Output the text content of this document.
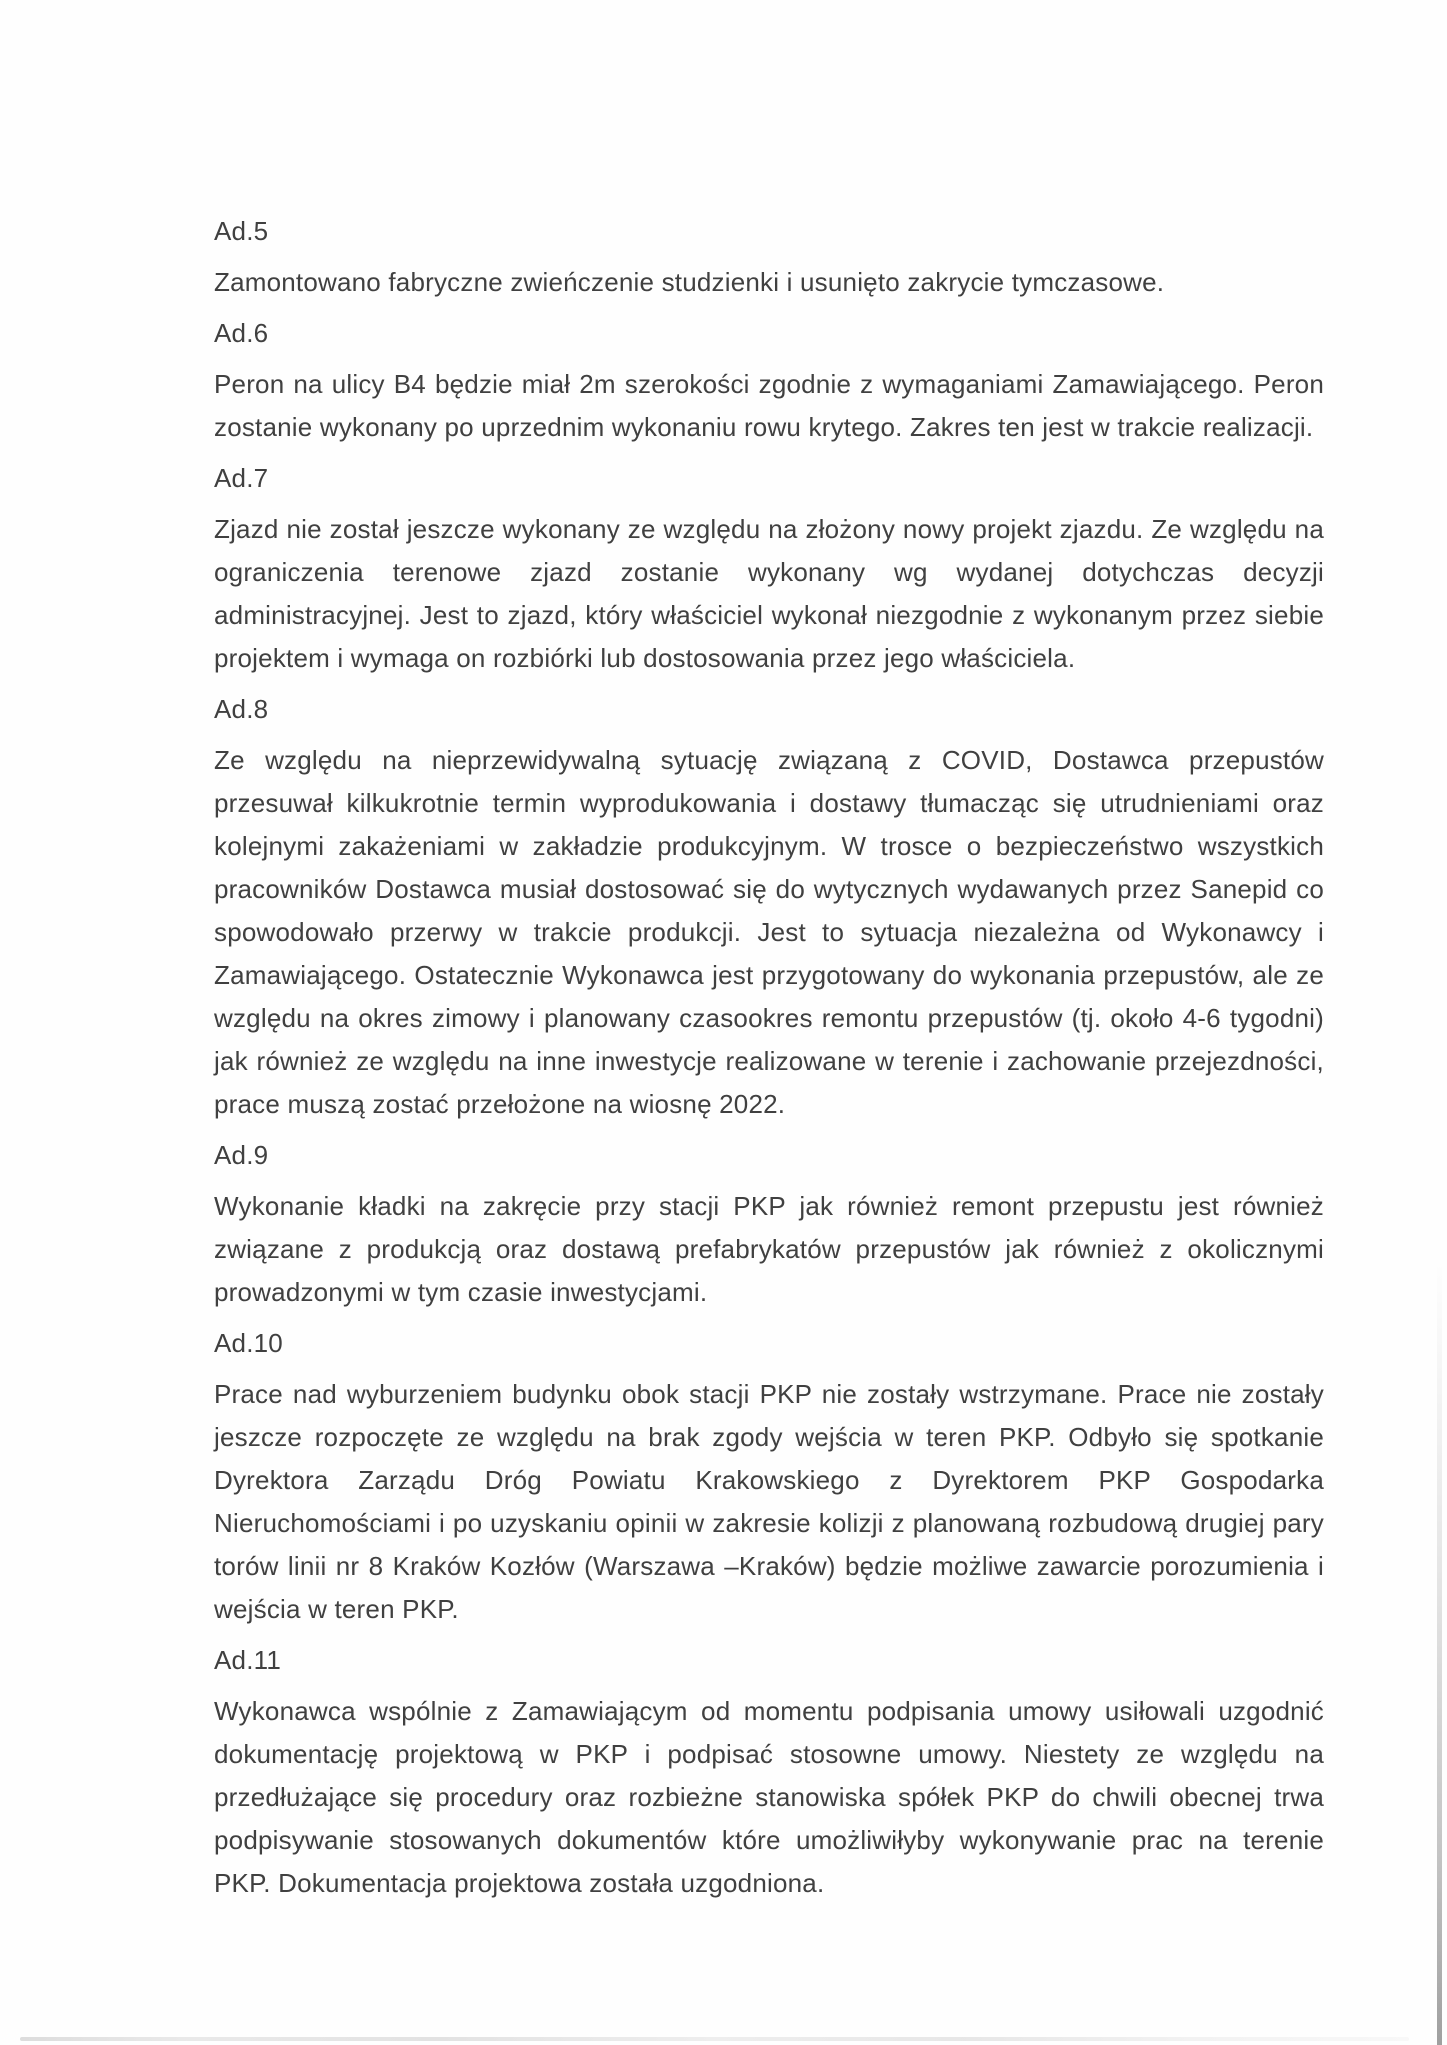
Ad.5

Zamontowano fabryczne zwieńczenie studzienki i usunięto zakrycie tymczasowe.

Ad.6

Peron na ulicy B4 będzie miał 2m szerokości zgodnie z wymaganiami Zamawiającego. Peron zostanie wykonany po uprzednim wykonaniu rowu krytego. Zakres ten jest w trakcie realizacji.

Ad.7

Zjazd nie został jeszcze wykonany ze względu na złożony nowy projekt zjazdu. Ze względu na ograniczenia terenowe zjazd zostanie wykonany wg wydanej dotychczas decyzji administracyjnej. Jest to zjazd, który właściciel wykonał niezgodnie z wykonanym przez siebie projektem i wymaga on rozbiórki lub dostosowania przez jego właściciela.

Ad.8

Ze względu na nieprzewidywalną sytuację związaną z COVID, Dostawca przepustów przesuwał kilkukrotnie termin wyprodukowania i dostawy tłumacząc się utrudnieniami oraz kolejnymi zakażeniami w zakładzie produkcyjnym. W trosce o bezpieczeństwo wszystkich pracowników Dostawca musiał dostosować się do wytycznych wydawanych przez Sanepid co spowodowało przerwy w trakcie produkcji. Jest to sytuacja niezależna od Wykonawcy i Zamawiającego. Ostatecznie Wykonawca jest przygotowany do wykonania przepustów, ale ze względu na okres zimowy i planowany czasookres remontu przepustów (tj. około 4-6 tygodni) jak również ze względu na inne inwestycje realizowane w terenie i zachowanie przejezdności, prace muszą zostać przełożone na wiosnę 2022.

Ad.9

Wykonanie kładki na zakręcie przy stacji PKP jak również remont przepustu jest również związane z produkcją oraz dostawą prefabrykatów przepustów jak również z okolicznymi prowadzonymi w tym czasie inwestycjami.

Ad.10

Prace nad wyburzeniem budynku obok stacji PKP nie zostały wstrzymane. Prace nie zostały jeszcze rozpoczęte ze względu na brak zgody wejścia w teren PKP. Odbyło się spotkanie Dyrektora Zarządu Dróg Powiatu Krakowskiego z Dyrektorem PKP Gospodarka Nieruchomościami i po uzyskaniu opinii w zakresie kolizji z planowaną rozbudową drugiej pary torów linii nr 8 Kraków Kozłów (Warszawa –Kraków) będzie możliwe zawarcie porozumienia i wejścia w teren PKP.

Ad.11

Wykonawca wspólnie z Zamawiającym od momentu podpisania umowy usiłowali uzgodnić dokumentację projektową w PKP i podpisać stosowne umowy. Niestety ze względu na przedłużające się procedury oraz rozbieżne stanowiska spółek PKP do chwili obecnej trwa podpisywanie stosowanych dokumentów które umożliwiłyby wykonywanie prac na terenie PKP. Dokumentacja projektowa została uzgodniona.
